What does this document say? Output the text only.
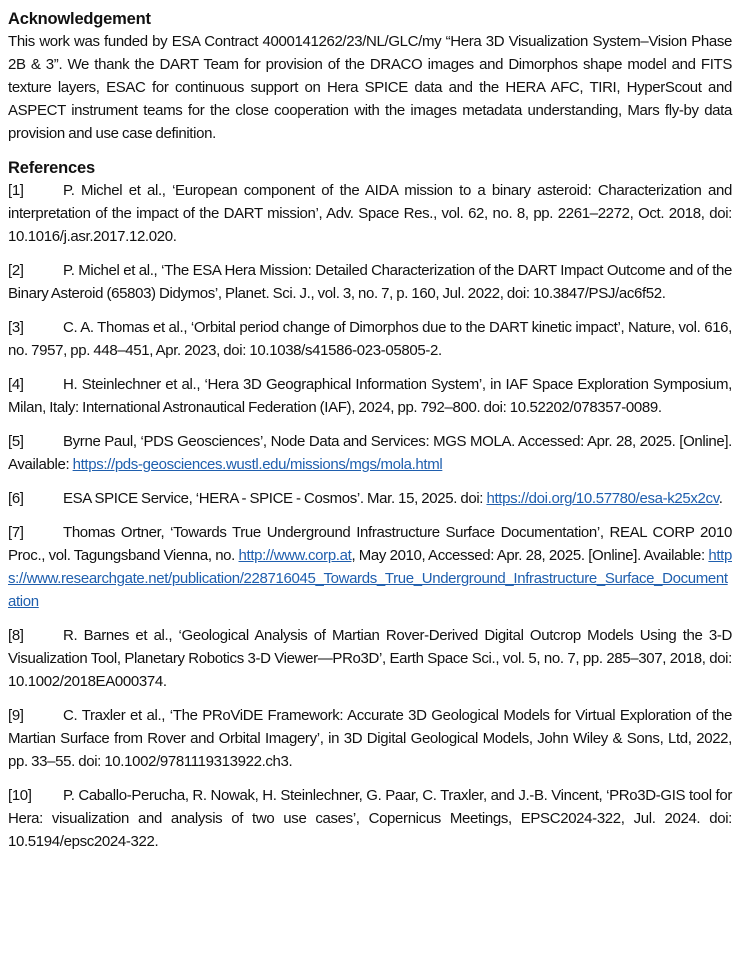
Acknowledgement

This work was funded by ESA Contract 4000141262/23/NL/GLC/my “Hera 3D Visualization System–Vision Phase 2B & 3”. We thank the DART Team for provision of the DRACO images and Dimorphos shape model and FITS texture layers, ESAC for continuous support on Hera SPICE data and the HERA AFC, TIRI, HyperScout and ASPECT instrument teams for the close cooperation with the images metadata understanding, Mars fly-by data provision and use case definition.

References

[1]	P. Michel et al., ‘European component of the AIDA mission to a binary asteroid: Characterization and interpretation of the impact of the DART mission’, Adv. Space Res., vol. 62, no. 8, pp. 2261–2272, Oct. 2018, doi: 10.1016/j.asr.2017.12.020.

[2]	P. Michel et al., ‘The ESA Hera Mission: Detailed Characterization of the DART Impact Outcome and of the Binary Asteroid (65803) Didymos’, Planet. Sci. J., vol. 3, no. 7, p. 160, Jul. 2022, doi: 10.3847/PSJ/ac6f52.

[3]	C. A. Thomas et al., ‘Orbital period change of Dimorphos due to the DART kinetic impact’, Nature, vol. 616, no. 7957, pp. 448–451, Apr. 2023, doi: 10.1038/s41586-023-05805-2.

[4]	H. Steinlechner et al., ‘Hera 3D Geographical Information System’, in IAF Space Exploration Symposium, Milan, Italy: International Astronautical Federation (IAF), 2024, pp. 792–800. doi: 10.52202/078357-0089.

[5]	Byrne Paul, ‘PDS Geosciences’, Node Data and Services: MGS MOLA. Accessed: Apr. 28, 2025. [Online]. Available: https://pds-geosciences.wustl.edu/missions/mgs/mola.html

[6]	ESA SPICE Service, ‘HERA - SPICE - Cosmos’. Mar. 15, 2025. doi: https://doi.org/10.57780/esa-k25x2cv.

[7]	Thomas Ortner, ‘Towards True Underground Infrastructure Surface Documentation’, REAL CORP 2010 Proc., vol. Tagungsband Vienna, no. http://www.corp.at, May 2010, Accessed: Apr. 28, 2025. [Online]. Available: https://www.researchgate.net/publication/228716045_Towards_True_Underground_Infrastructure_Surface_Documentation

[8]	R. Barnes et al., ‘Geological Analysis of Martian Rover-Derived Digital Outcrop Models Using the 3-D Visualization Tool, Planetary Robotics 3-D Viewer—PRo3D’, Earth Space Sci., vol. 5, no. 7, pp. 285–307, 2018, doi: 10.1002/2018EA000374.

[9]	C. Traxler et al., ‘The PRoViDE Framework: Accurate 3D Geological Models for Virtual Exploration of the Martian Surface from Rover and Orbital Imagery’, in 3D Digital Geological Models, John Wiley & Sons, Ltd, 2022, pp. 33–55. doi: 10.1002/9781119313922.ch3.

[10] P. Caballo-Perucha, R. Nowak, H. Steinlechner, G. Paar, C. Traxler, and J.-B. Vincent, ‘PRo3D-GIS tool for Hera: visualization and analysis of two use cases’, Copernicus Meetings, EPSC2024-322, Jul. 2024. doi: 10.5194/epsc2024-322.
